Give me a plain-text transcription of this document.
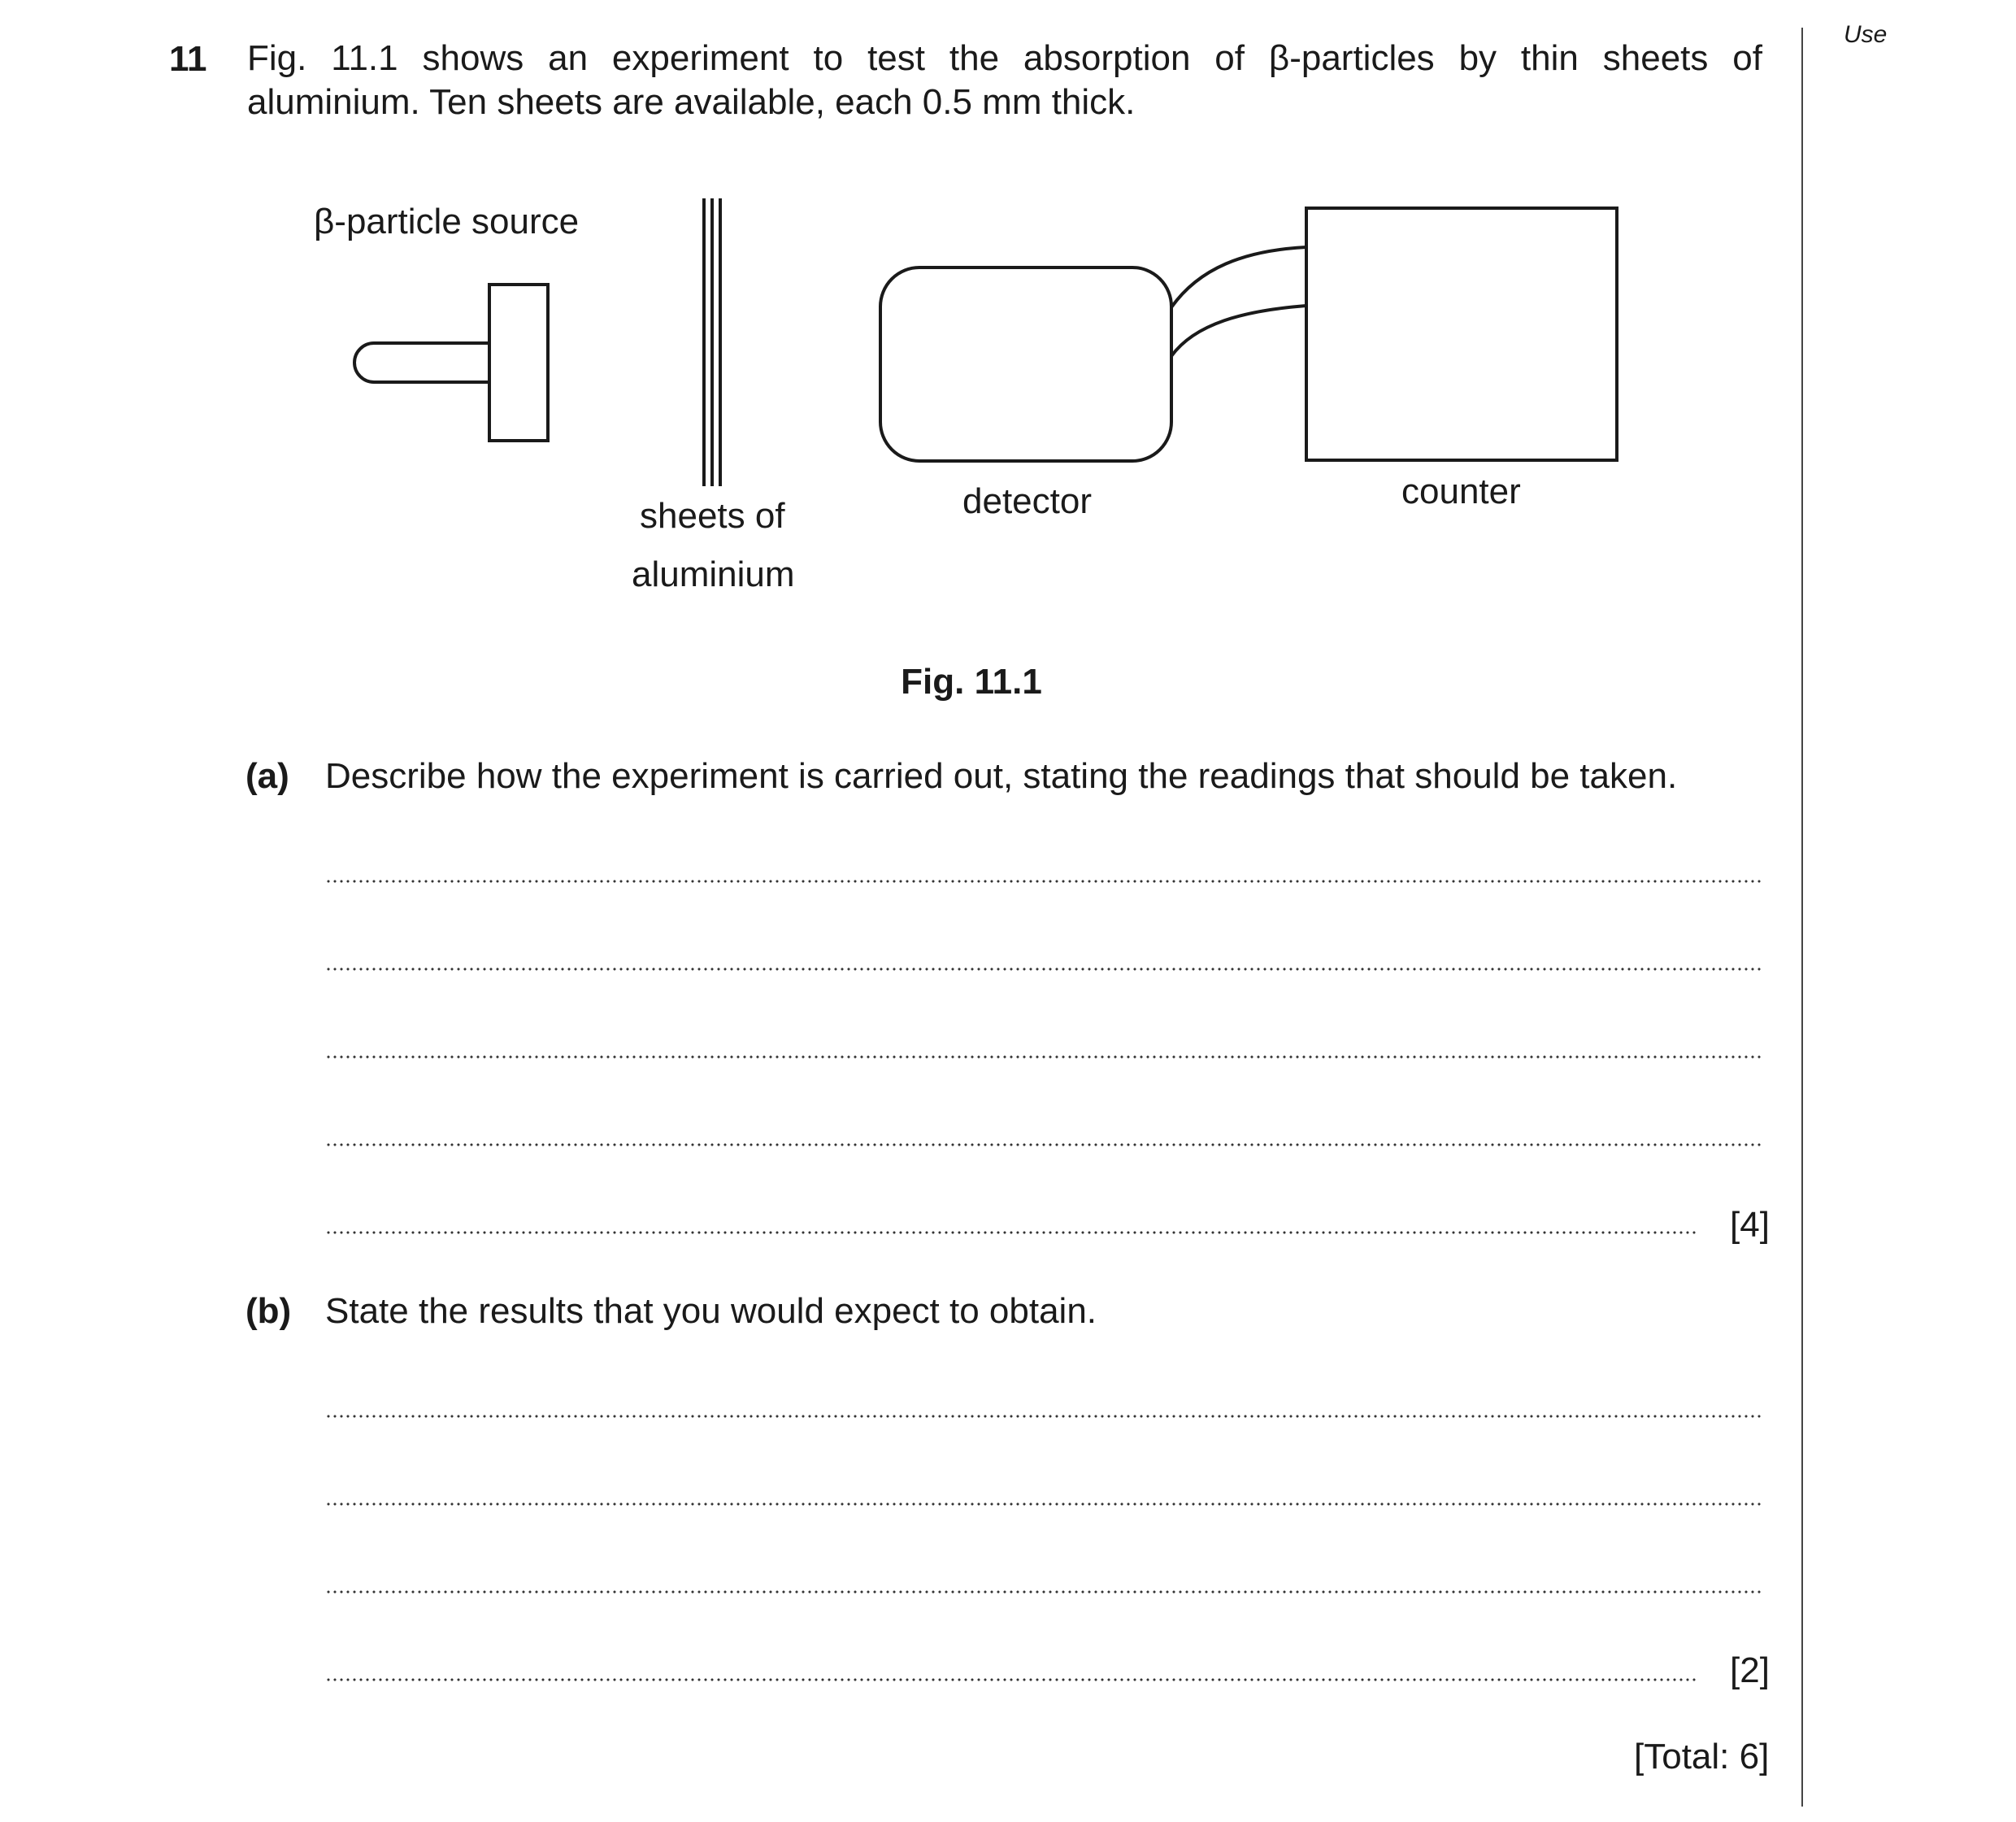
11 Fig. 11.1 shows an experiment to test the absorption of β-particles by thin sheets of
aluminium. Ten sheets are available, each 0.5 mm thick.
Use
β-particle source
sheets of
aluminium
detector	counter
Fig. 11.1
(a) Describe how the experiment is carried out, stating the readings that should be taken.
[4]
(b) State the results that you would expect to obtain.
[2]
[Total: 6]
